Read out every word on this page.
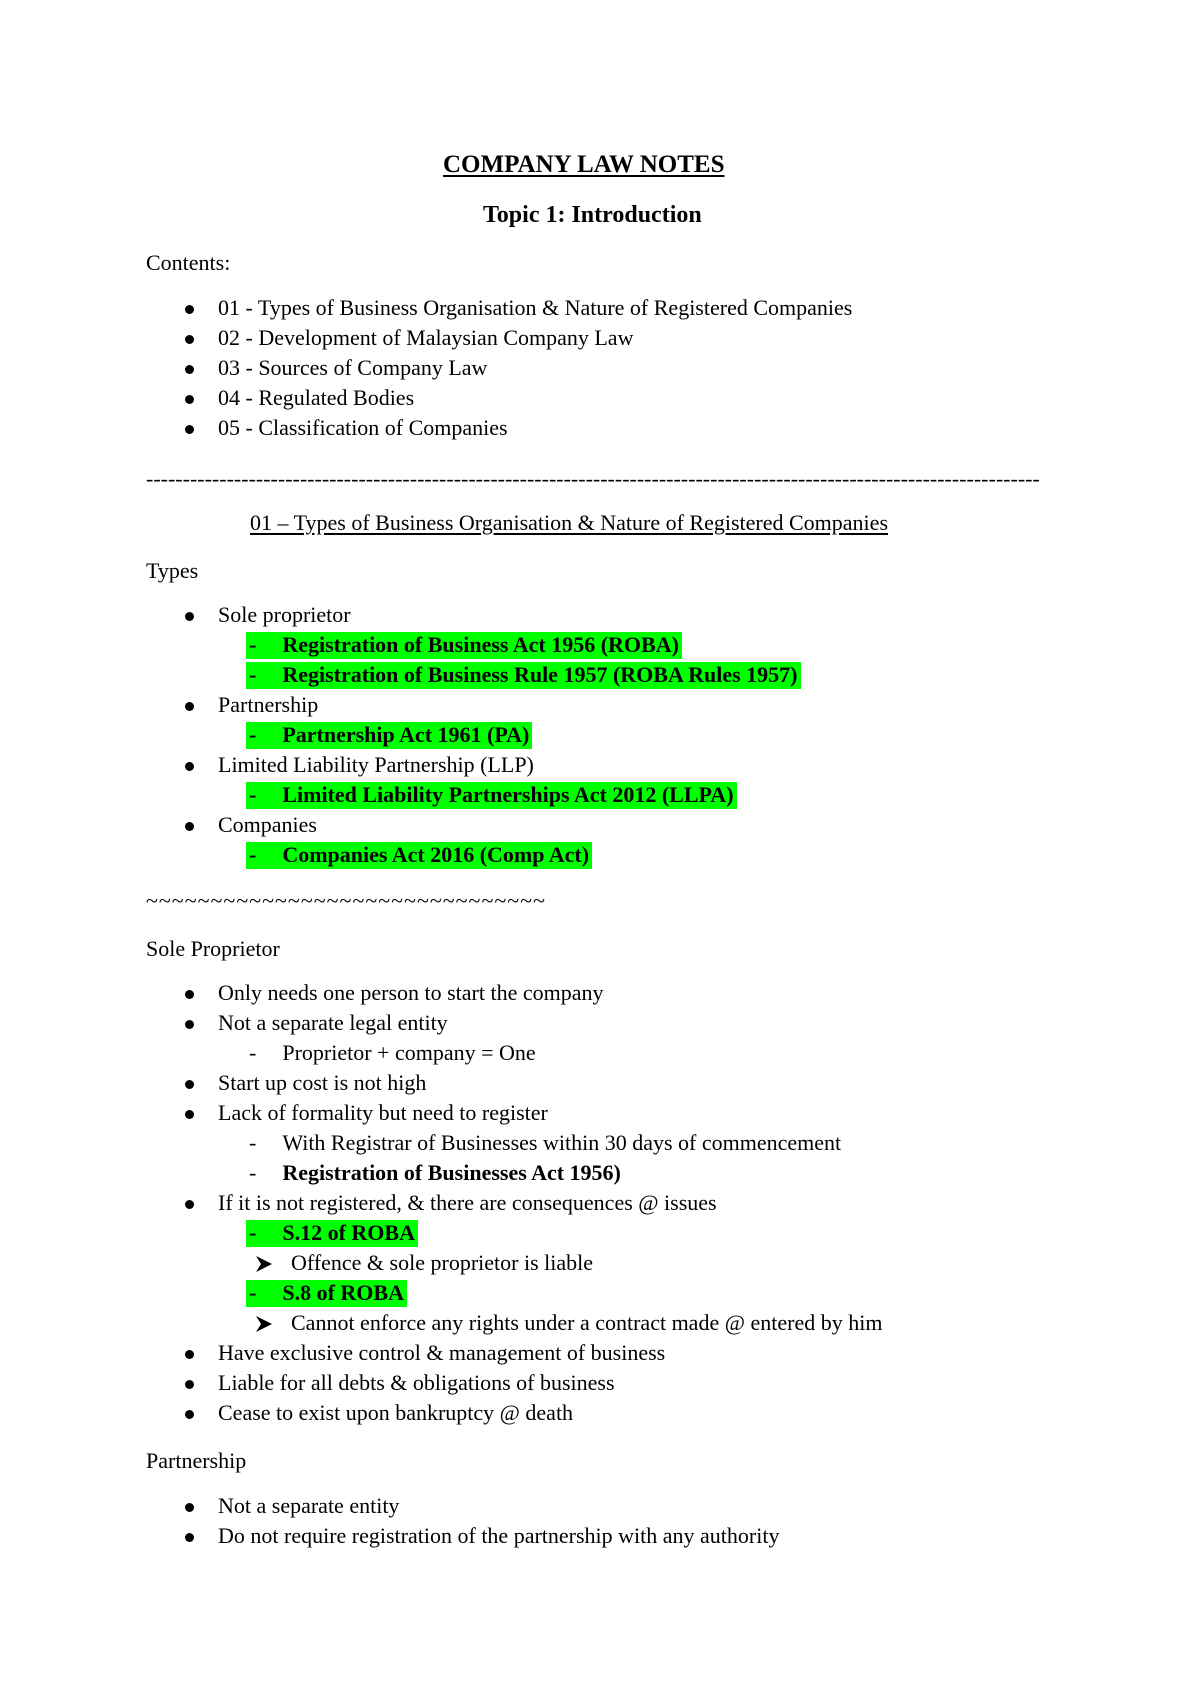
COMPANY LAW NOTES
Topic 1: Introduction
Contents:
01 - Types of Business Organisation & Nature of Registered Companies
02 - Development of Malaysian Company Law
03 - Sources of Company Law
04 - Regulated Bodies
05 - Classification of Companies
--------------------------------------------------------------------------------------------------------------------------
01 – Types of Business Organisation & Nature of Registered Companies
Types
Sole proprietor
- Registration of Business Act 1956 (ROBA)
- Registration of Business Rule 1957 (ROBA Rules 1957)
Partnership
- Partnership Act 1961 (PA)
Limited Liability Partnership (LLP)
- Limited Liability Partnerships Act 2012 (LLPA)
Companies
- Companies Act 2016 (Comp Act)
~~~~~~~~~~~~~~~~~~~~~~~~~~~~~~~
Sole Proprietor
Only needs one person to start the company
Not a separate legal entity
- Proprietor + company = One
Start up cost is not high
Lack of formality but need to register
- With Registrar of Businesses within 30 days of commencement
- Registration of Businesses Act 1956)
If it is not registered, & there are consequences @ issues
- S.12 of ROBA
Offence & sole proprietor is liable
- S.8 of ROBA
Cannot enforce any rights under a contract made @ entered by him
Have exclusive control & management of business
Liable for all debts & obligations of business
Cease to exist upon bankruptcy @ death
Partnership
Not a separate entity
Do not require registration of the partnership with any authority
